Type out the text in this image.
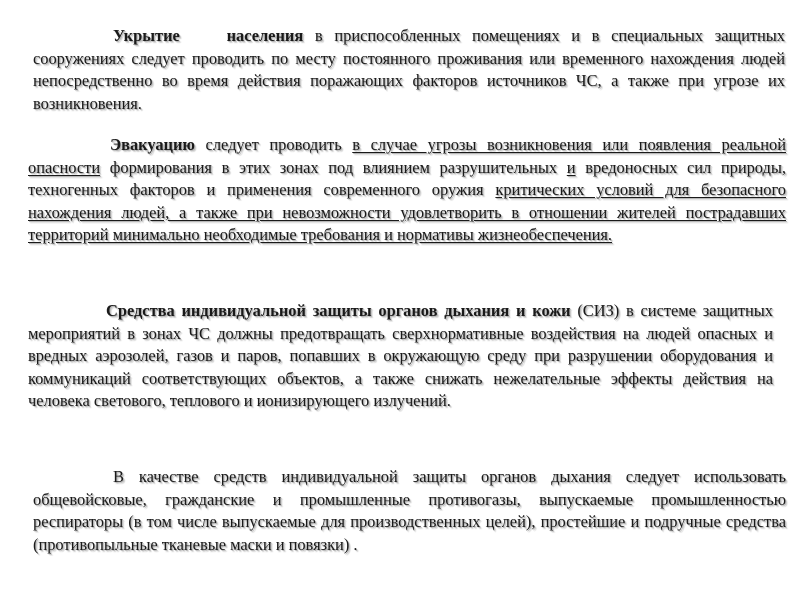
Укрытие	населения в приспособленных помещениях и в специальных защитных сооружениях следует проводить по месту постоянного проживания или временного нахождения людей непосредственно во время действия поражающих факторов источников ЧС, а также при угрозе их возникновения.
Эвакуацию следует проводить в случае угрозы возникновения или появления реальной опасности формирования в этих зонах под влиянием разрушительных и вредоносных сил природы, техногенных факторов и применения современного оружия критических условий для безопасного нахождения людей, а также при невозможности удовлетворить в отношении жителей пострадавших территорий минимально необходимые требования и нормативы жизнеобеспечения.
Средства индивидуальной защиты органов дыхания и кожи (СИЗ) в системе защитных мероприятий в зонах ЧС должны предотвращать сверхнормативные воздействия на людей опасных и вредных аэрозолей, газов и паров, попавших в окружающую среду при разрушении оборудования и коммуникаций соответствующих объектов, а также снижать нежелательные эффекты действия на человека светового, теплового и ионизирующего излучений.
В качестве средств индивидуальной защиты органов дыхания следует использовать общевойсковые, гражданские и промышленные противогазы, выпускаемые промышленностью респираторы (в том числе выпускаемые для производственных целей), простейшие и подручные средства (противопыльные тканевые маски и повязки) .
